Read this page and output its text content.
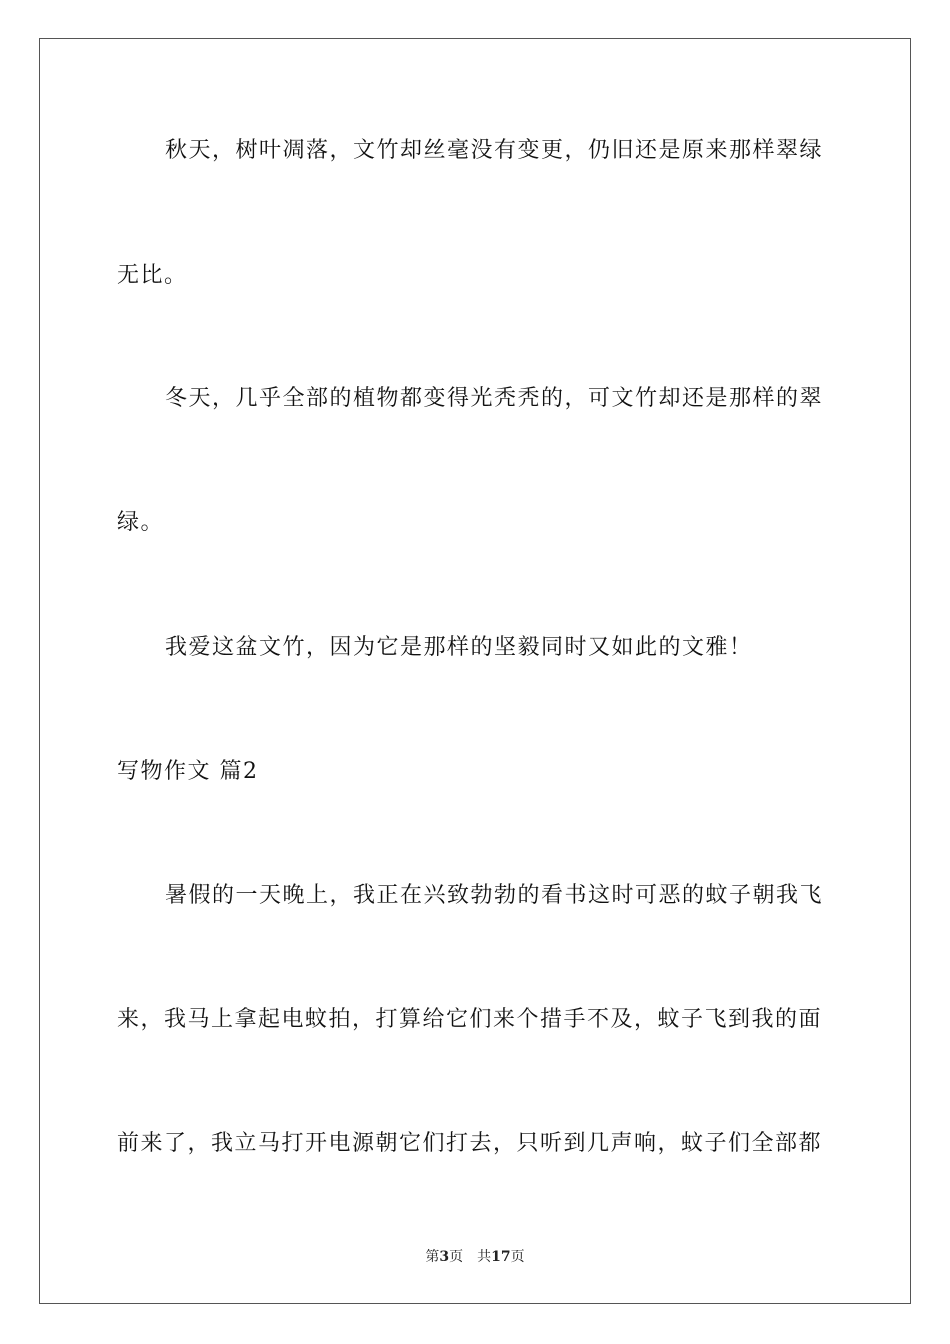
秋天，树叶凋落，文竹却丝毫没有变更，仍旧还是原来那样翠绿
无比。
冬天，几乎全部的植物都变得光秃秃的，可文竹却还是那样的翠
绿。
我爱这盆文竹，因为它是那样的坚毅同时又如此的文雅！
写物作文 篇2
暑假的一天晚上，我正在兴致勃勃的看书这时可恶的蚊子朝我飞
来，我马上拿起电蚊拍，打算给它们来个措手不及，蚊子飞到我的面
前来了，我立马打开电源朝它们打去，只听到几声响，蚊子们全部都
第3页 共17页
